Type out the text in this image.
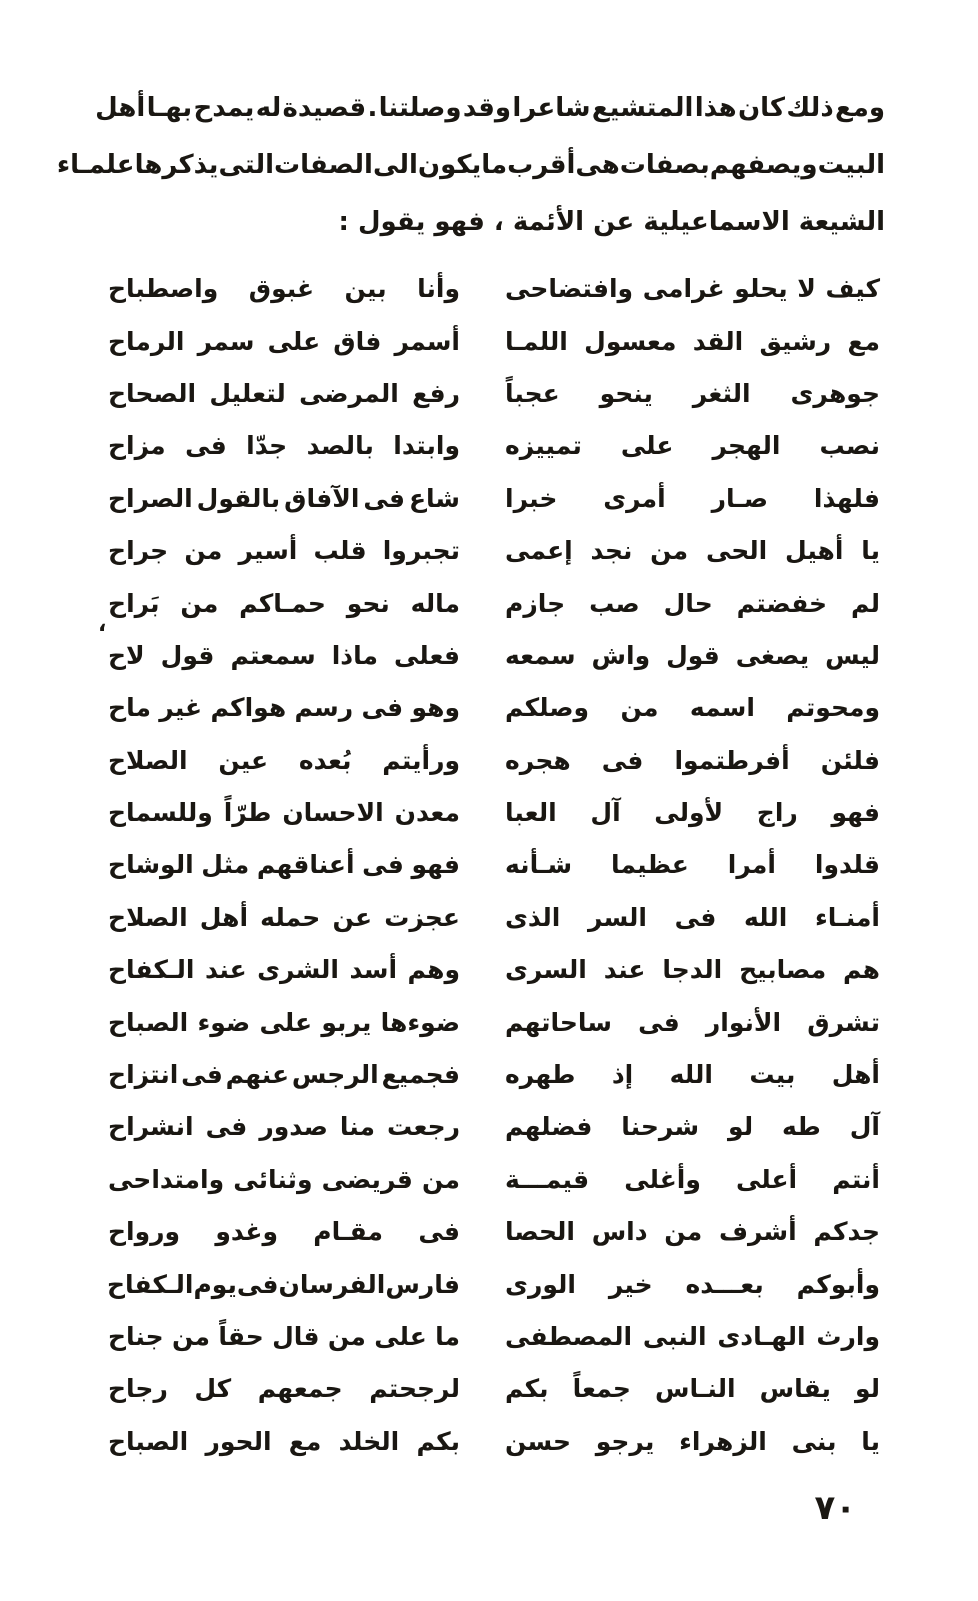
ومع
ذلك
كان
هذا
المتشيع
شاعرا
وقد
وصلتنا
.
قصيدة
له
يمدح
بهـا
أهل
البيت
ويصفهم
بصفات
هى
أقرب
مايكون
الى
الصفات
التى
يذكرها
علمـاء
الشيعة الاسماعيلية عن الأئمة ، فهو يقول :
كيف
لا
يحلو
غرامى
وافتضاحى
وأنا
بين
غبوق
واصطباح
مع
رشيق
القد
معسول
اللمـا
أسمر
فاق
على
سمر
الرماح
جوهرى
الثغر
ينحو
عجباً
رفع
المرضى
لتعليل
الصحاح
نصب
الهجر
على
تمييزه
وابتدا
بالصد
جدّا
فى
مزاح
فلهذا
صـار
أمرى
خبرا
شاع
فى
الآفاق
بالقول
الصراح
يا
أهيل
الحى
من
نجد
إعمى
تجبروا
قلب
أسير
من
جراح
لم
خفضتم
حال
صب
جازم
ماله
نحو
حمـاكم
من
بَراح
ليس
يصغى
قول
واش
سمعه
فعلى
ماذا
سمعتم
قول
لاح
ومحوتم
اسمه
من
وصلكم
وهو
فى
رسم
هواكم
غير
ماح
فلئن
أفرطتموا
فى
هجره
ورأيتم
بُعده
عين
الصلاح
فهو
راج
لأولى
آل
العبا
معدن
الاحسان
طرّاً
وللسماح
قلدوا
أمرا
عظيما
شـأنه
فهو
فى
أعناقهم
مثل
الوشاح
أمنـاء
الله
فى
السر
الذى
عجزت
عن
حمله
أهل
الصلاح
هم
مصابيح
الدجا
عند
السرى
وهم
أسد
الشرى
عند
الـكفاح
تشرق
الأنوار
فى
ساحاتهم
ضوءها
يربو
على
ضوء
الصباح
أهل
بيت
الله
إذ
طهره
فجميع
الرجس
عنهم
فى
انتزاح
آل
طه
لو
شرحنا
فضلهم
رجعت
منا
صدور
فى
انشراح
أنتم
أعلى
وأغلى
قيمـــة
من
قريضى
وثنائى
وامتداحى
جدكم
أشرف
من
داس
الحصا
فى
مقـام
وغدو
ورواح
وأبوكم
بعـــده
خير
الورى
فارس
الفرسان
فى
يوم
الـكفاح
وارث
الهـادى
النبى
المصطفى
ما
على
من
قال
حقاً
من
جناح
لو
يقاس
النـاس
جمعاً
بكم
لرجحتم
جمعهم
كل
رجاح
يا
بنى
الزهراء
يرجو
حسن
بكم
الخلد
مع
الحور
الصباح
،
٧٠
